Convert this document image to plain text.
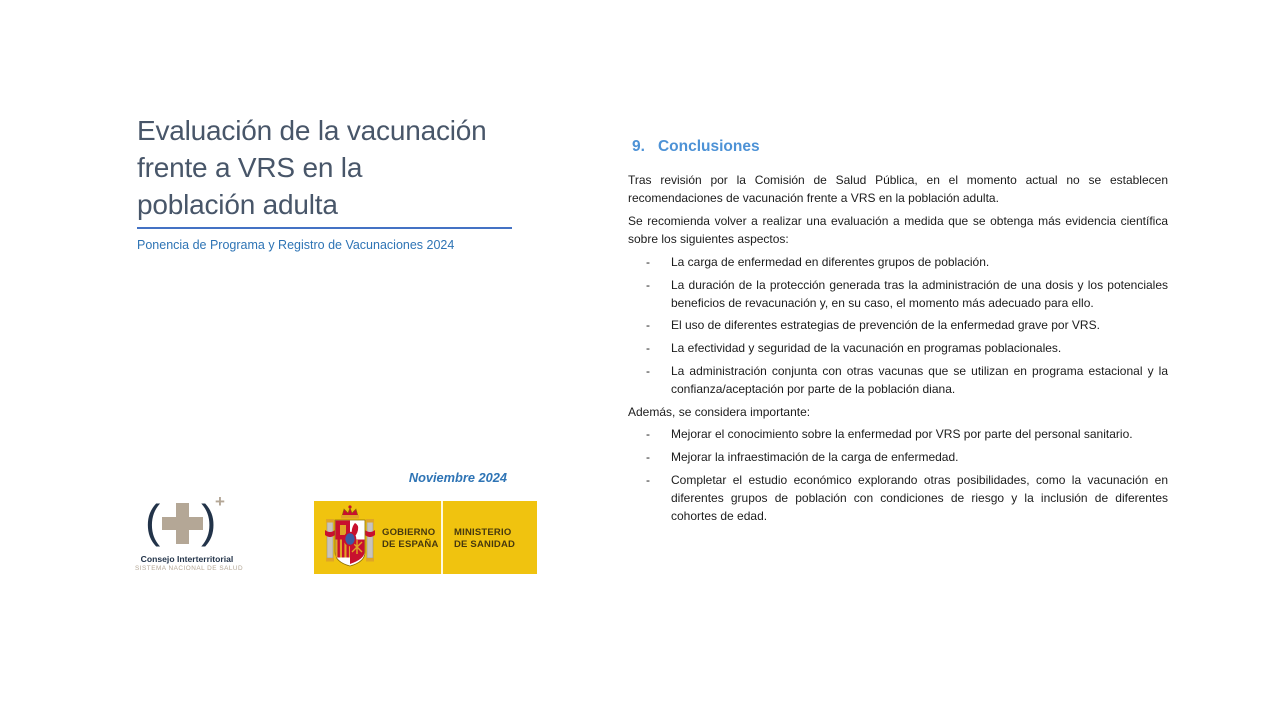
Evaluación de la vacunación
frente a VRS en la
población adulta
Ponencia de Programa y Registro de Vacunaciones 2024
Noviembre 2024
( )
+
Consejo Interterritorial
SISTEMA NACIONAL DE SALUD
GOBIERNO
DE ESPAÑA
MINISTERIO
DE SANIDAD
9. Conclusiones
Tras revisión por la Comisión de Salud Pública, en el momento actual no se establecen recomendaciones de vacunación frente a VRS en la población adulta.
Se recomienda volver a realizar una evaluación a medida que se obtenga más evidencia científica sobre los siguientes aspectos:
- La carga de enfermedad en diferentes grupos de población.
- La duración de la protección generada tras la administración de una dosis y los potenciales beneficios de revacunación y, en su caso, el momento más adecuado para ello.
- El uso de diferentes estrategias de prevención de la enfermedad grave por VRS.
- La efectividad y seguridad de la vacunación en programas poblacionales.
- La administración conjunta con otras vacunas que se utilizan en programa estacional y la confianza/aceptación por parte de la población diana.
Además, se considera importante:
- Mejorar el conocimiento sobre la enfermedad por VRS por parte del personal sanitario.
- Mejorar la infraestimación de la carga de enfermedad.
- Completar el estudio económico explorando otras posibilidades, como la vacunación en diferentes grupos de población con condiciones de riesgo y la inclusión de diferentes cohortes de edad.
